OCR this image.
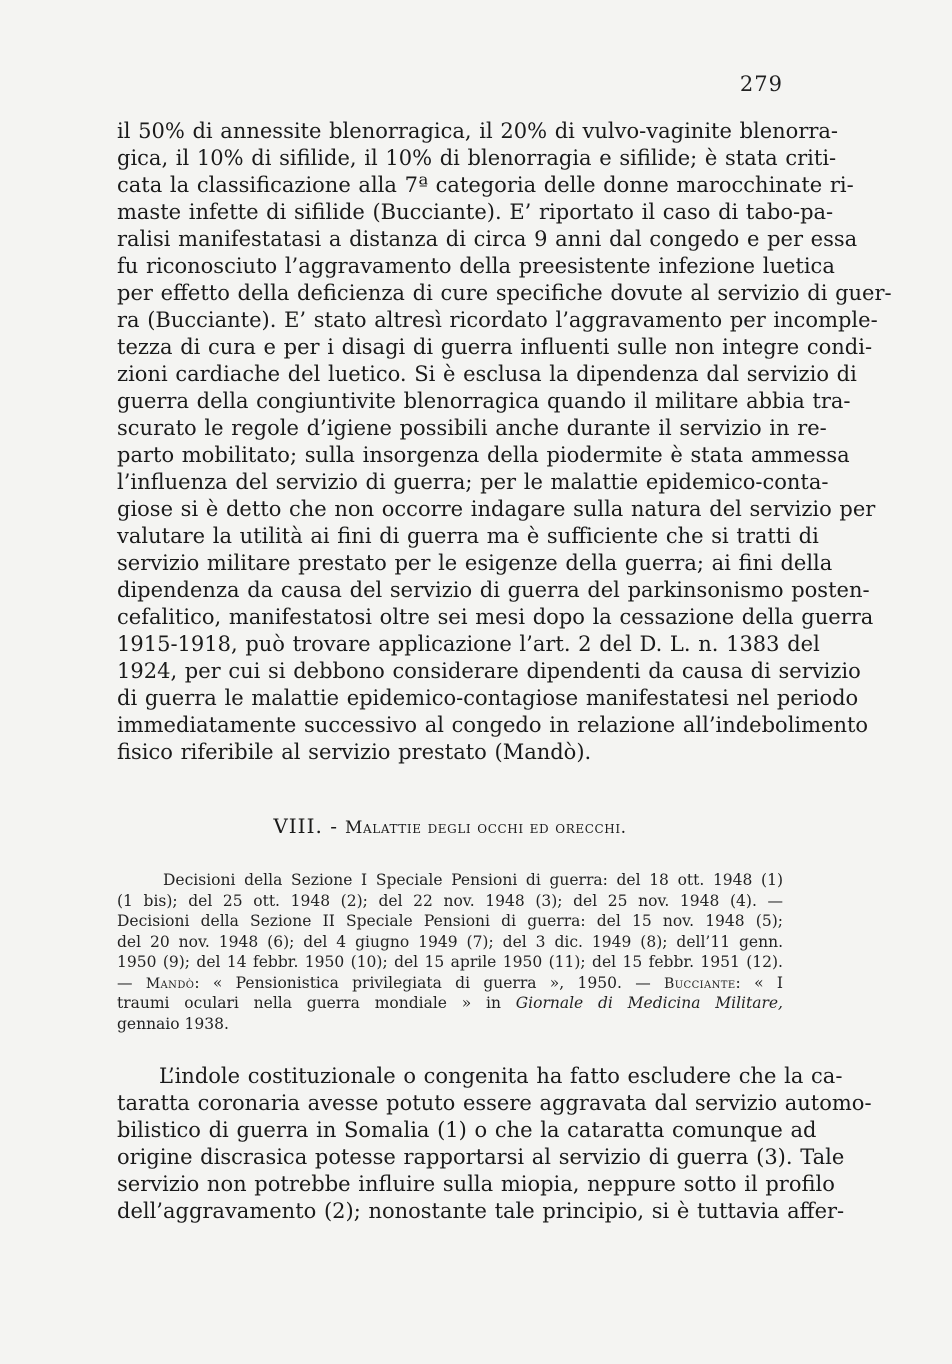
279
il 50% di annessite blenorragica, il 20% di vulvo-vaginite blenorra-
gica, il 10% di sifilide, il 10% di blenorragia e sifilide; è stata criti-
cata la classificazione alla 7ª categoria delle donne marocchinate ri-
maste infette di sifilide (Bucciante). E’ riportato il caso di tabo-pa-
ralisi manifestatasi a distanza di circa 9 anni dal congedo e per essa
fu riconosciuto l’aggravamento della preesistente infezione luetica
per effetto della deficienza di cure specifiche dovute al servizio di guer-
ra (Bucciante). E’ stato altresì ricordato l’aggravamento per incomple-
tezza di cura e per i disagi di guerra influenti sulle non integre condi-
zioni cardiache del luetico. Si è esclusa la dipendenza dal servizio di
guerra della congiuntivite blenorragica quando il militare abbia tra-
scurato le regole d’igiene possibili anche durante il servizio in re-
parto mobilitato; sulla insorgenza della piodermite è stata ammessa
l’influenza del servizio di guerra; per le malattie epidemico-conta-
giose si è detto che non occorre indagare sulla natura del servizio per
valutare la utilità ai fini di guerra ma è sufficiente che si tratti di
servizio militare prestato per le esigenze della guerra; ai fini della
dipendenza da causa del servizio di guerra del parkinsonismo posten-
cefalitico, manifestatosi oltre sei mesi dopo la cessazione della guerra
1915-1918, può trovare applicazione l’art. 2 del D. L. n. 1383 del
1924, per cui si debbono considerare dipendenti da causa di servizio
di guerra le malattie epidemico-contagiose manifestatesi nel periodo
immediatamente successivo al congedo in relazione all’indebolimento
fisico riferibile al servizio prestato (Mandò).
VIII. - Malattie degli occhi ed orecchi.
Decisioni della Sezione I Speciale Pensioni di guerra: del 18 ott. 1948 (1)
(1 bis); del 25 ott. 1948 (2); del 22 nov. 1948 (3); del 25 nov. 1948 (4). —
Decisioni della Sezione II Speciale Pensioni di guerra: del 15 nov. 1948 (5);
del 20 nov. 1948 (6); del 4 giugno 1949 (7); del 3 dic. 1949 (8); dell’11 genn.
1950 (9); del 14 febbr. 1950 (10); del 15 aprile 1950 (11); del 15 febbr. 1951 (12).
— Mandò: « Pensionistica privilegiata di guerra », 1950. — Bucciante: « I
traumi oculari nella guerra mondiale » in Giornale di Medicina Militare,
gennaio 1938.
L’indole costituzionale o congenita ha fatto escludere che la ca-
taratta coronaria avesse potuto essere aggravata dal servizio automo-
bilistico di guerra in Somalia (1) o che la cataratta comunque ad
origine discrasica potesse rapportarsi al servizio di guerra (3). Tale
servizio non potrebbe influire sulla miopia, neppure sotto il profilo
dell’aggravamento (2); nonostante tale principio, si è tuttavia affer-
